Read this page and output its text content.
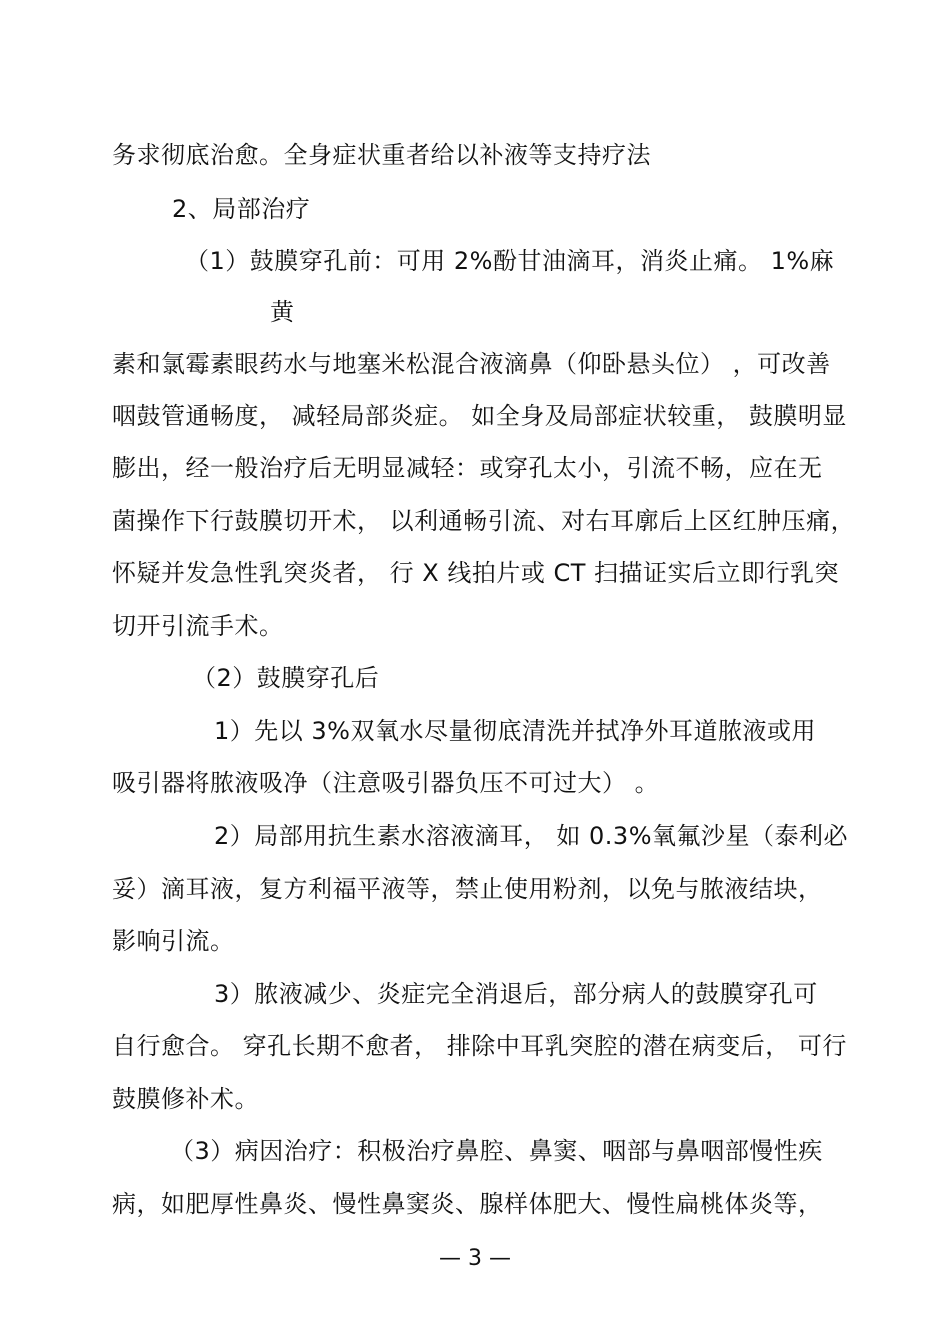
务求彻底治愈。全身症状重者给以补液等支持疗法
2、局部治疗
（1）鼓膜穿孔前：可用 2%酚甘油滴耳，消炎止痛。 1%麻
黄
素和氯霉素眼药水与地塞米松混合液滴鼻（仰卧悬头位） ，可改善
咽鼓管通畅度， 减轻局部炎症。 如全身及局部症状较重， 鼓膜明显
膨出，经一般治疗后无明显减轻：或穿孔太小，引流不畅，应在无
菌操作下行鼓膜切开术， 以利通畅引流、对右耳廓后上区红肿压痛，
怀疑并发急性乳突炎者， 行 X 线拍片或 CT 扫描证实后立即行乳突
切开引流手术。
（2）鼓膜穿孔后
1）先以 3%双氧水尽量彻底清洗并拭净外耳道脓液或用
吸引器将脓液吸净（注意吸引器负压不可过大） 。
2）局部用抗生素水溶液滴耳， 如 0.3%氧氟沙星（泰利必
妥）滴耳液，复方利福平液等，禁止使用粉剂，以免与脓液结块，
影响引流。
3）脓液减少、炎症完全消退后，部分病人的鼓膜穿孔可
自行愈合。 穿孔长期不愈者， 排除中耳乳突腔的潜在病变后， 可行
鼓膜修补术。
（3）病因治疗：积极治疗鼻腔、鼻窦、咽部与鼻咽部慢性疾
病，如肥厚性鼻炎、慢性鼻窦炎、腺样体肥大、慢性扁桃体炎等，
— 3 —
